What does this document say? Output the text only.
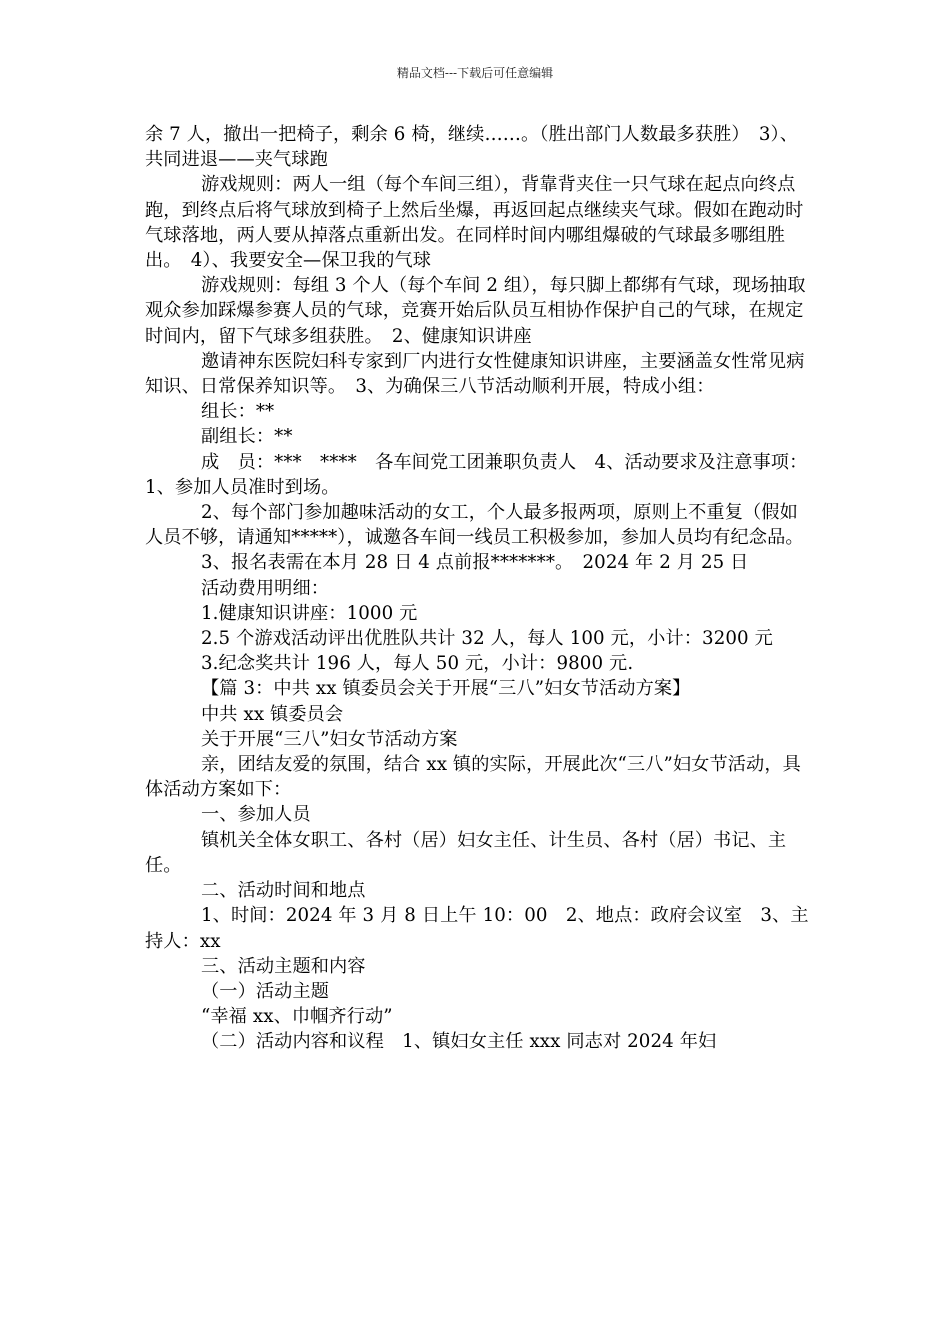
精品文档---下载后可任意编辑

余 7 人，撤出一把椅子，剩余 6 椅，继续……。（胜出部门人数最多获胜）　3）、共同进退——夹气球跑

游戏规则：两人一组（每个车间三组），背靠背夹住一只气球在起点向终点跑，到终点后将气球放到椅子上然后坐爆，再返回起点继续夹气球。假如在跑动时气球落地，两人要从掉落点重新出发。在同样时间内哪组爆破的气球最多哪组胜出。　4）、我要安全—保卫我的气球

游戏规则：每组 3 个人（每个车间 2 组），每只脚上都绑有气球，现场抽取观众参加踩爆参赛人员的气球，竞赛开始后队员互相协作保护自己的气球，在规定时间内，留下气球多组获胜。　2、健康知识讲座

邀请神东医院妇科专家到厂内进行女性健康知识讲座，主要涵盖女性常见病知识、日常保养知识等。　3、为确保三八节活动顺利开展，特成小组：

组长：**

副组长：**

成　员：***　****　各车间党工团兼职负责人　4、活动要求及注意事项：　1、参加人员准时到场。

2、每个部门参加趣味活动的女工，个人最多报两项，原则上不重复（假如人员不够，请通知*****），诚邀各车间一线员工积极参加，参加人员均有纪念品。

3、报名表需在本月 28 日 4 点前报*******。　2024 年 2 月 25 日

活动费用明细：

1.健康知识讲座：1000 元

2.5 个游戏活动评出优胜队共计 32 人，每人 100 元，小计：3200 元

3.纪念奖共计 196 人，每人 50 元，小计：9800 元.

【篇 3：中共 xx 镇委员会关于开展“三八”妇女节活动方案】

中共 xx 镇委员会

关于开展“三八”妇女节活动方案

亲，团结友爱的氛围，结合 xx 镇的实际，开展此次“三八”妇女节活动，具体活动方案如下：

一、参加人员

镇机关全体女职工、各村（居）妇女主任、计生员、各村（居）书记、主任。

二、活动时间和地点

1、时间：2024 年 3 月 8 日上午 10：00　2、地点：政府会议室　3、主持人：xx

三、活动主题和内容

（一）活动主题

“幸福 xx、巾帼齐行动”

（二）活动内容和议程　1、镇妇女主任 xxx 同志对 2024 年妇
